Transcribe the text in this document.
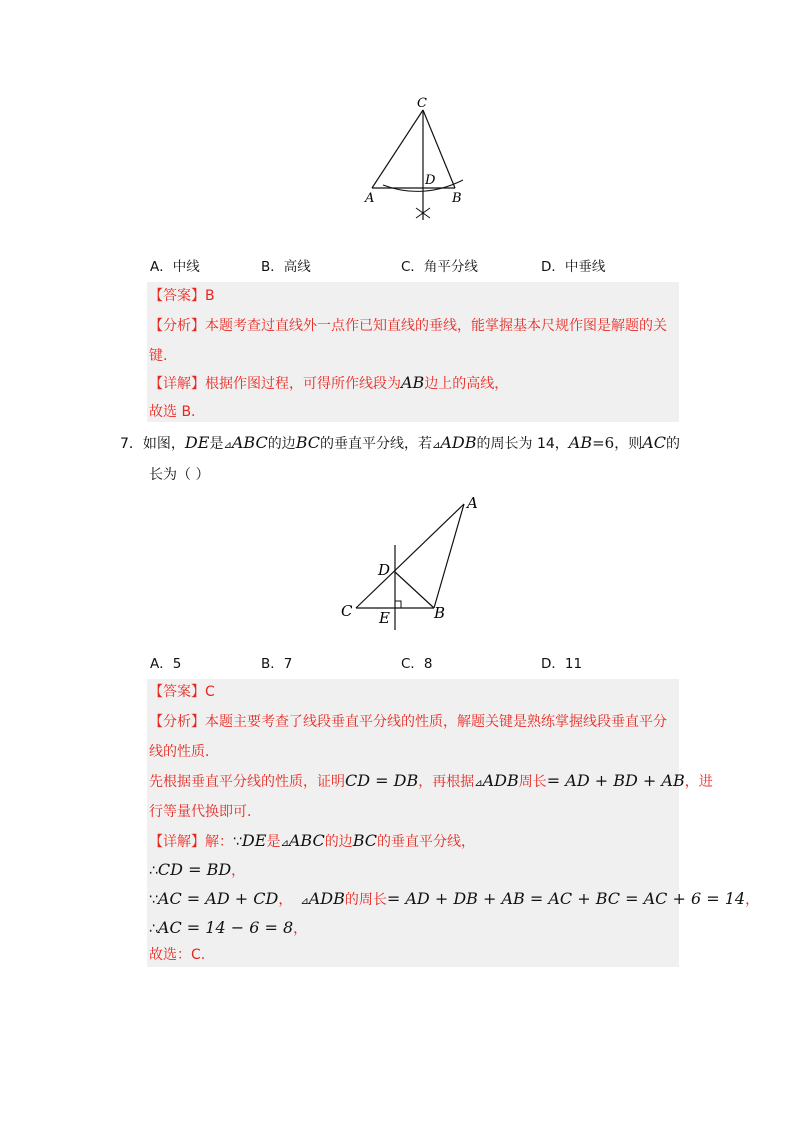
C
D
A	B
A．中线	B．高线	C．角平分线	D．中垂线
【答案】B
【分析】本题考查过直线外一点作已知直线的垂线，能掌握基本尺规作图是解题的关
键.
【详解】根据作图过程，可得所作线段为AB边上的高线，
故选 B.
7．如图，DE是⊿ABC的边BC的垂直平分线，若⊿ADB的周长为 14，AB=6，则AC的
长为（ ）
A
D
C E	B
A．5	B．7	C．8	D．11
【答案】C
【分析】本题主要考查了线段垂直平分线的性质，解题关键是熟练掌握线段垂直平分
线的性质．
先根据垂直平分线的性质，证明CD = DB，再根据⊿ADB周长= AD + BD + AB，进
行等量代换即可.
【详解】解：∵DE是⊿ABC的边BC的垂直平分线，
∴CD = BD，
∵AC = AD + CD， ⊿ADB的周长= AD + DB + AB = AC + BC = AC + 6 = 14，
∴AC = 14 − 6 = 8，
故选：C.
